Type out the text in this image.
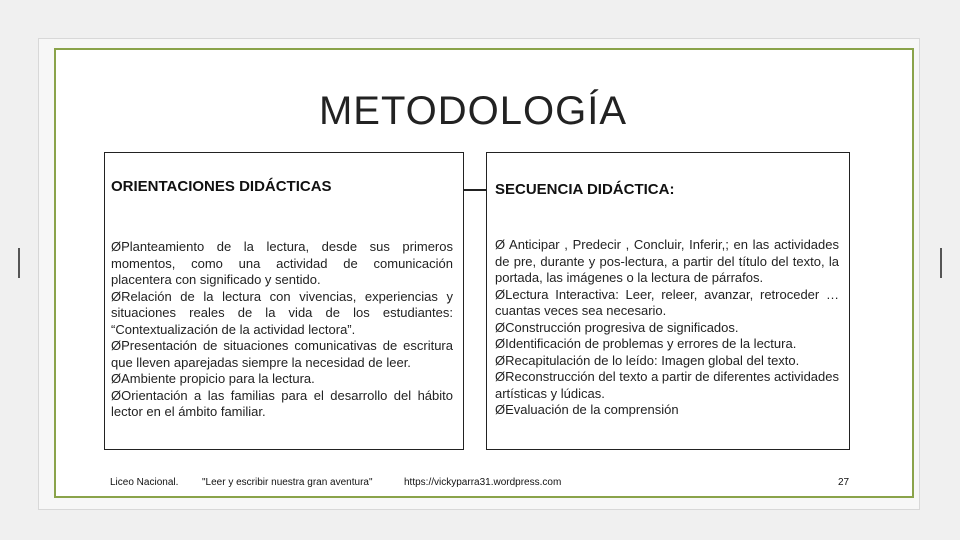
METODOLOGÍA
ORIENTACIONES DIDÁCTICAS

ØPlanteamiento de la lectura, desde sus primeros momentos, como una actividad de comunicación placentera con significado y sentido.

ØRelación de la lectura con vivencias, experiencias y situaciones reales de la vida de los estudiantes: “Contextualización de la actividad lectora”.

ØPresentación de situaciones comunicativas de escritura que lleven aparejadas siempre la necesidad de leer.

ØAmbiente propicio para la lectura.

ØOrientación a las familias para el desarrollo del hábito lector en el ámbito familiar.

SECUENCIA DIDÁCTICA:

Ø Anticipar , Predecir , Concluir, Inferir,; en las actividades de pre, durante y pos-lectura, a partir del título del texto, la portada, las imágenes o la lectura de párrafos.

ØLectura Interactiva: Leer, releer, avanzar, retroceder … cuantas veces sea necesario.

ØConstrucción progresiva de significados.

ØIdentificación de problemas y errores de la lectura.

ØRecapitulación de lo leído: Imagen global del texto.

ØReconstrucción del texto a partir de diferentes actividades artísticas y lúdicas.

ØEvaluación de la comprensión

Liceo Nacional. "Leer y escribir nuestra gran aventura"	https://vickyparra31.wordpress.com	27
